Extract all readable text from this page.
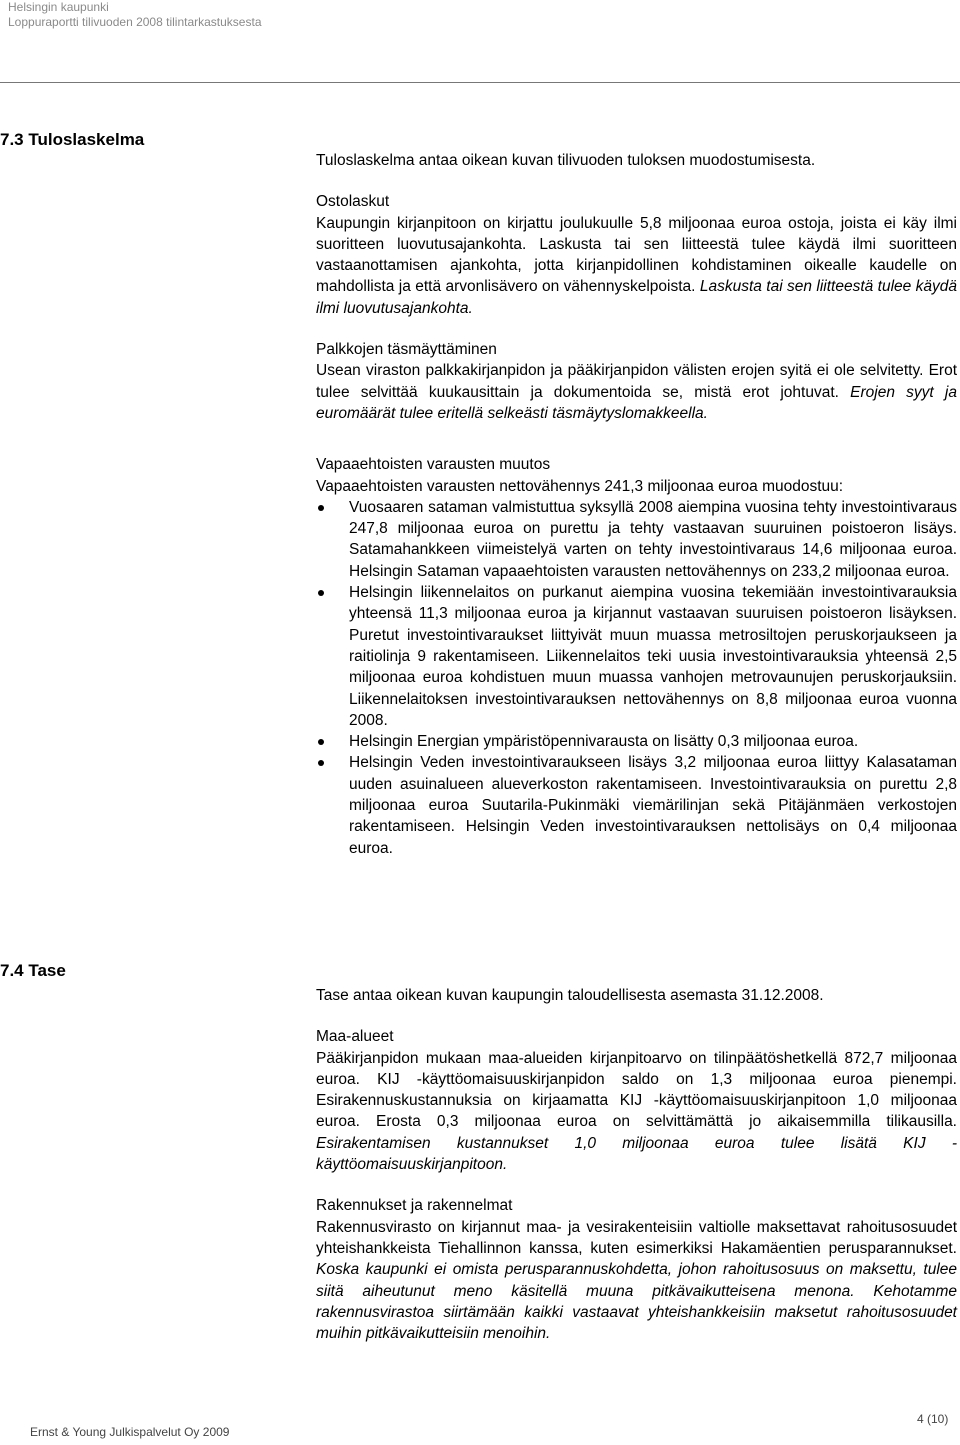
Helsingin kaupunki
Loppuraportti tilivuoden 2008 tilintarkastuksesta
7.3 Tuloslaskelma

Tuloslaskelma antaa oikean kuvan tilivuoden tuloksen muodostumisesta.

Ostolaskut
Kaupungin kirjanpitoon on kirjattu joulukuulle 5,8 miljoonaa euroa ostoja, joista ei käy ilmi suoritteen luovutusajankohta. Laskusta tai sen liitteestä tulee käydä ilmi suoritteen vastaanottamisen ajankohta, jotta kirjanpidollinen kohdistaminen oikealle kaudelle on mahdollista ja että arvonlisävero on vähennyskelpoista. Laskusta tai sen liitteestä tulee käydä ilmi luovutusajankohta.
Palkkojen täsmäyttäminen
Usean viraston palkkakirjanpidon ja pääkirjanpidon välisten erojen syitä ei ole selvitetty. Erot tulee selvittää kuukausittain ja dokumentoida se, mistä erot johtuvat. Erojen syyt ja euromäärät tulee eritellä selkeästi täsmäytyslomakkeella.
Vapaaehtoisten varausten muutos
Vapaaehtoisten varausten nettovähennys 241,3 miljoonaa euroa muodostuu:
Vuosaaren sataman valmistuttua syksyllä 2008 aiempina vuosina tehty investointivaraus 247,8 miljoonaa euroa on purettu ja tehty vastaavan suuruinen poistoeron lisäys. Satamahankkeen viimeistelyä varten on tehty investointivaraus 14,6 miljoonaa euroa. Helsingin Sataman vapaaehtoisten varausten nettovähennys on 233,2 miljoonaa euroa.
Helsingin liikennelaitos on purkanut aiempina vuosina tekemiään investointivarauksia yhteensä 11,3 miljoonaa euroa ja kirjannut vastaavan suuruisen poistoeron lisäyksen. Puretut investointivaraukset liittyivät muun muassa metrosiltojen peruskorjaukseen ja raitiolinja 9 rakentamiseen. Liikennelaitos teki uusia investointivarauksia yhteensä 2,5 miljoonaa euroa kohdistuen muun muassa vanhojen metrovaunujen peruskorjauksiin. Liikennelaitoksen investointivarauksen nettovähennys on 8,8 miljoonaa euroa vuonna 2008.
Helsingin Energian ympäristöpennivarausta on lisätty 0,3 miljoonaa euroa.
Helsingin Veden investointivaraukseen lisäys 3,2 miljoonaa euroa liittyy Kalasataman uuden asuinalueen alueverkoston rakentamiseen. Investointivarauksia on purettu 2,8 miljoonaa euroa Suutarila-Pukinmäki viemärilinjan sekä Pitäjänmäen verkostojen rakentamiseen. Helsingin Veden investointivarauksen nettolisäys on 0,4 miljoonaa euroa.
7.4 Tase

Tase antaa oikean kuvan kaupungin taloudellisesta asemasta 31.12.2008.

Maa-alueet
Pääkirjanpidon mukaan maa-alueiden kirjanpitoarvo on tilinpäätöshetkellä 872,7 miljoonaa euroa. KIJ -käyttöomaisuuskirjanpidon saldo on 1,3 miljoonaa euroa pienempi. Esirakennuskustannuksia on kirjaamatta KIJ -käyttöomaisuuskirjanpitoon 1,0 miljoonaa euroa. Erosta 0,3 miljoonaa euroa on selvittämättä jo aikaisemmilla tilikausilla. Esirakentamisen kustannukset 1,0 miljoonaa euroa tulee lisätä KIJ -käyttöomaisuuskirjanpitoon.
Rakennukset ja rakennelmat
Rakennusvirasto on kirjannut maa- ja vesirakenteisiin valtiolle maksettavat rahoitusosuudet yhteishankkeista Tiehallinnon kanssa, kuten esimerkiksi Hakamäentien perusparannukset. Koska kaupunki ei omista perusparannuskohdetta, johon rahoitusosuus on maksettu, tulee siitä aiheutunut meno käsitellä muuna pitkävaikutteisena menona. Kehotamme rakennusvirastoa siirtämään kaikki vastaavat yhteishankkeisiin maksetut rahoitusosuudet muihin pitkävaikutteisiin menoihin.
Ernst & Young Julkispalvelut Oy 2009
4 (10)
